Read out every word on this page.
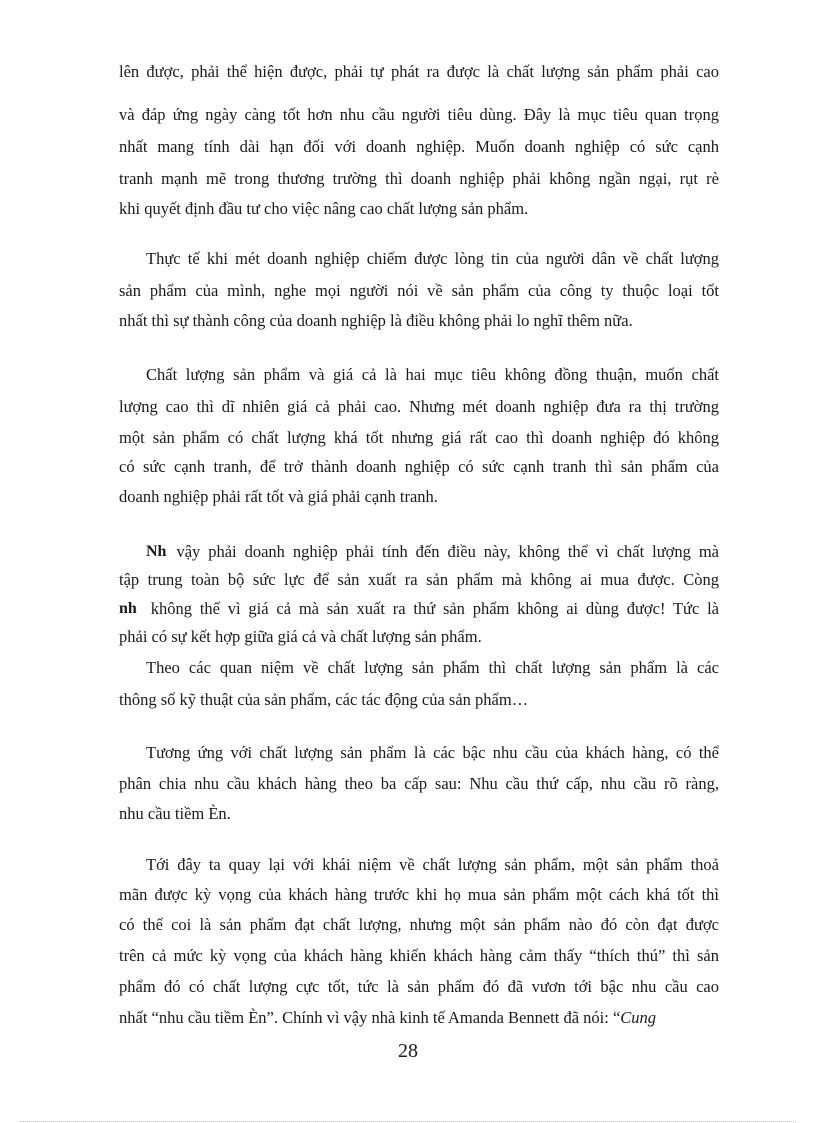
lên được, phải thể hiện được, phải tự phát ra được là chất lượng sản phẩm phải cao
và đáp ứng ngày càng tốt hơn nhu cầu người tiêu dùng. Đây là mục tiêu quan trọng
nhất mang tính dài hạn đối với doanh nghiệp. Muốn doanh nghiệp có sức cạnh
tranh mạnh mẽ trong thương trường thì doanh nghiệp phải không ngần ngại, rụt rè
khi quyết định đầu tư cho việc nâng cao chất lượng sản phẩm.
Thực tế khi mét doanh nghiệp chiếm được lòng tin của người dân về chất lượng
sản phẩm của mình, nghe mọi người nói về sản phẩm của công ty thuộc loại tốt
nhất thì sự thành công của doanh nghiệp là điều không phải lo nghĩ thêm nữa.
Chất lượng sản phẩm và giá cả là hai mục tiêu không đồng thuận, muốn chất
lượng cao thì dĩ nhiên giá cả phải cao. Nhưng mét doanh nghiệp đưa ra thị trường
một sản phẩm có chất lượng khá tốt nhưng giá rất cao thì doanh nghiệp đó không
có sức cạnh tranh, để trở thành doanh nghiệp có sức cạnh tranh thì sản phẩm của
doanh nghiệp phải rất tốt và giá phải cạnh tranh.
Nh vậy phải doanh nghiệp phải tính đến điều này, không thể vì chất lượng mà
tập trung toàn bộ sức lực để sản xuất ra sản phẩm mà không ai mua được. Còng
nh không thể vì giá cả mà sản xuất ra thứ sản phẩm không ai dùng được! Tức là
phải có sự kết hợp giữa giá cả và chất lượng sản phẩm.
Theo các quan niệm về chất lượng sản phẩm thì chất lượng sản phẩm là các
thông số kỹ thuật của sản phẩm, các tác động của sản phẩm…
Tương ứng với chất lượng sản phẩm là các bậc nhu cầu của khách hàng, có thể
phân chia nhu cầu khách hàng theo ba cấp sau: Nhu cầu thứ cấp, nhu cầu rõ ràng,
nhu cầu tiềm Èn.
Tới đây ta quay lại với khái niệm về chất lượng sản phẩm, một sản phẩm thoả
mãn được kỳ vọng của khách hàng trước khi họ mua sản phẩm một cách khá tốt thì
có thể coi là sản phẩm đạt chất lượng, nhưng một sản phẩm nào đó còn đạt được
trên cả mức kỳ vọng của khách hàng khiến khách hàng cảm thấy “thích thú” thì sản
phẩm đó có chất lượng cực tốt, tức là sản phẩm đó đã vươn tới bậc nhu cầu cao
nhất “nhu cầu tiềm Èn”. Chính vì vậy nhà kinh tế Amanda Bennett đã nói: “Cung
28
